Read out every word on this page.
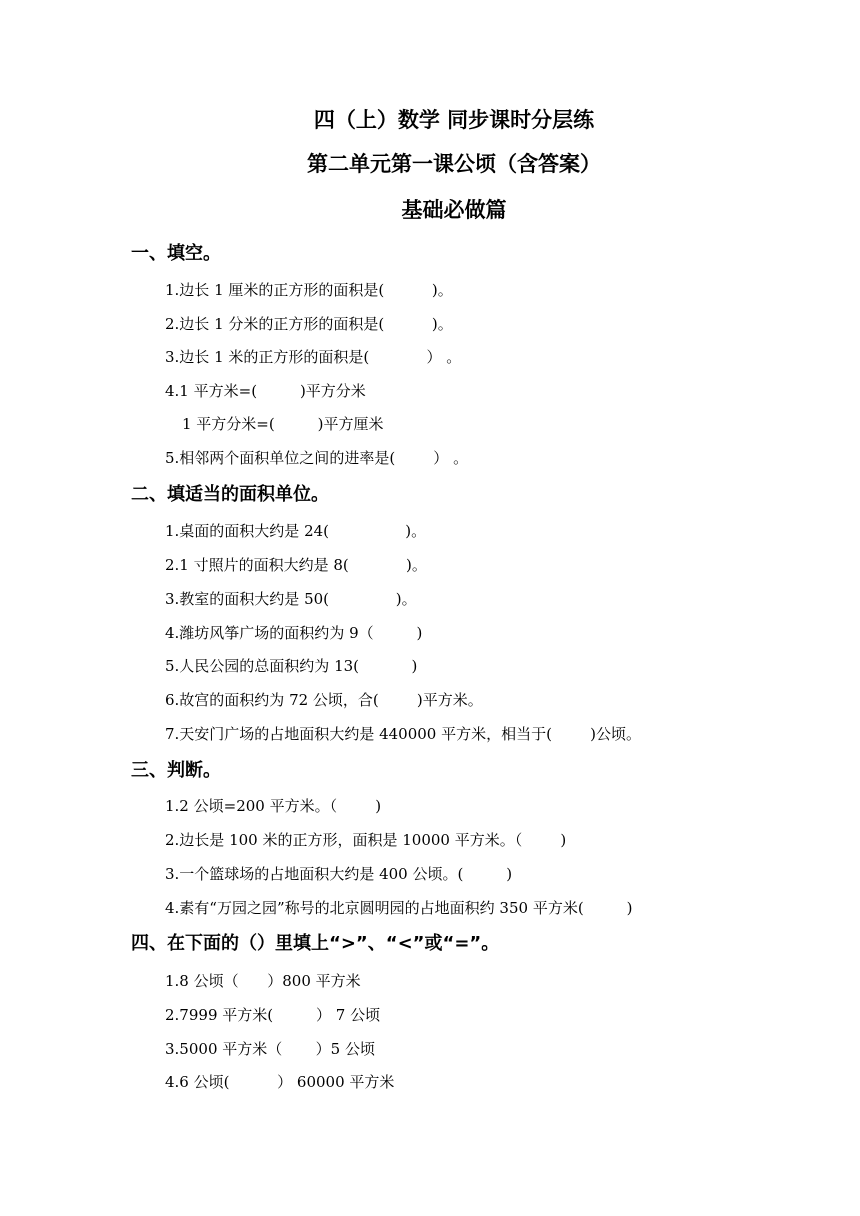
四（上）数学 同步课时分层练
第二单元第一课公顷（含答案）
基础必做篇
一、填空。
1.边长 1 厘米的正方形的面积是(          )。
2.边长 1 分米的正方形的面积是(          )。
3.边长 1 米的正方形的面积是(            ） 。
4.1 平方米=(         )平方分米
1 平方分米=(         )平方厘米
5.相邻两个面积单位之间的进率是(        ） 。
二、填适当的面积单位。
1.桌面的面积大约是 24(                )。
2.1 寸照片的面积大约是 8(            )。
3.教室的面积大约是 50(              )。
4.潍坊风筝广场的面积约为 9（         )
5.人民公园的总面积约为 13(           )
6.故宫的面积约为 72 公顷，合(        )平方米。
7.天安门广场的占地面积大约是 440000 平方米，相当于(        )公顷。
三、判断。
1.2 公顷=200 平方米。（        )
2.边长是 100 米的正方形，面积是 10000 平方米。（        )
3.一个篮球场的占地面积大约是 400 公顷。(         )
4.素有“万园之园”称号的北京圆明园的占地面积约 350 平方米(         )
四、在下面的（）里填上“>”、“<”或“=”。
1.8 公顷（      ）800 平方米
2.7999 平方米(         ） 7 公顷
3.5000 平方米（       ）5 公顷
4.6 公顷(          ） 60000 平方米
